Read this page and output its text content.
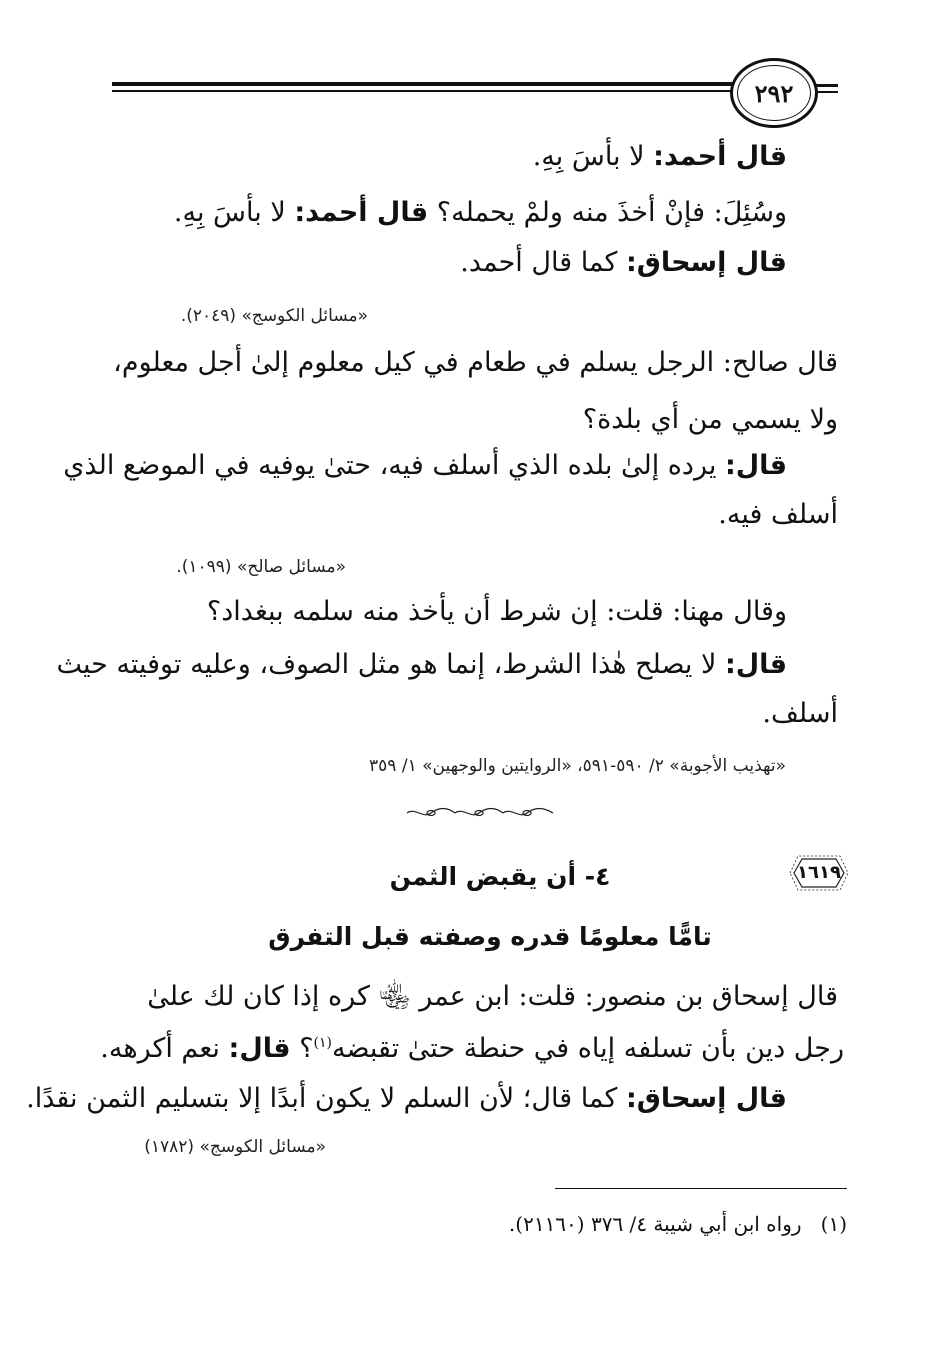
٢٩٢
قال أحمد: لا بأسَ بِهِ.
وسُئِلَ: فإنْ أخذَ منه ولمْ يحمله؟ قال أحمد: لا بأسَ بِهِ.
قال إسحاق: كما قال أحمد.
«مسائل الكوسج» (٢٠٤٩).
قال صالح: الرجل يسلم في طعام في كيل معلوم إلىٰ أجل معلوم،
ولا يسمي من أي بلدة؟
قال: يرده إلىٰ بلده الذي أسلف فيه، حتىٰ يوفيه في الموضع الذي
أسلف فيه.
«مسائل صالح» (١٠٩٩).
وقال مهنا: قلت: إن شرط أن يأخذ منه سلمه ببغداد؟
قال: لا يصلح هٰذا الشرط، إنما هو مثل الصوف، وعليه توفيته حيث
أسلف.
«تهذيب الأجوبة» ٢/ ٥٩٠-٥٩١، «الروايتين والوجهين» ١/ ٣٥٩
١٦١٩
٤- أن يقبض الثمن
تامًّا معلومًا قدره وصفته قبل التفرق
قال إسحاق بن منصور: قلت: ابن عمر ﵄ كره إذا كان لك علىٰ
رجل دين بأن تسلفه إياه في حنطة حتىٰ تقبضه$^{(١)}$؟ قال: نعم أكرهه.
قال إسحاق: كما قال؛ لأن السلم لا يكون أبدًا إلا بتسليم الثمن نقدًا.
«مسائل الكوسج» (١٧٨٢)
(١)   رواه ابن أبي شيبة ٤/ ٣٧٦ (٢١١٦٠).
